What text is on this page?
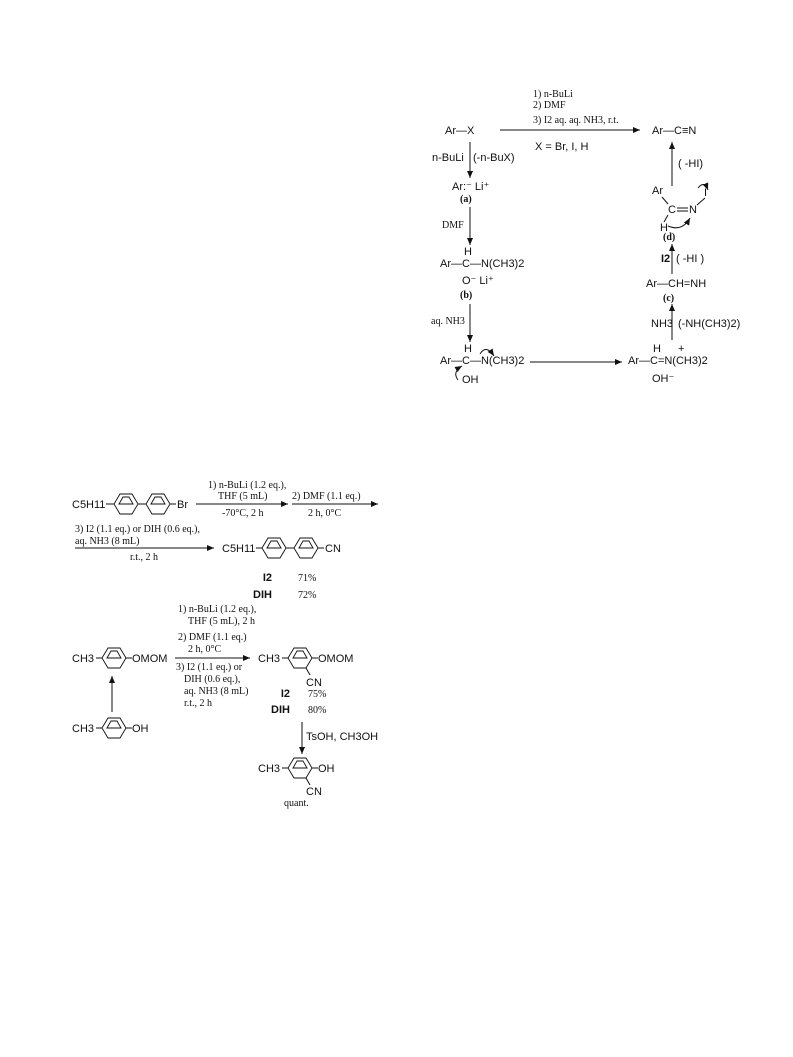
1) n-BuLi
2) DMF
3) I2 aq. aq. NH3, r.t.
Ar—X
X = Br, I, H
Ar—C≡N
n-BuLi (-n-BuX)
Ar:⁻ Li⁺
(a)
DMF
H
Ar—C—N(CH3)2
O⁻ Li⁺
(b)
aq. NH3
H
Ar—C—N(CH3)2
OH
H +
Ar—C=N(CH3)2
OH⁻
NH3 (-NH(CH3)2)
(c)
Ar—CH=NH
I2 ( -HI )
(d)
Ar
C N
I
H
( -HI)
C5H11	Br
1) n-BuLi (1.2 eq.),
THF (5 mL)
-70°C, 2 h
2) DMF (1.1 eq.)
2 h, 0°C
3) I2 (1.1 eq.) or DIH (0.6 eq.),
aq. NH3 (8 mL)
r.t., 2 h
C5H11	CN
I2	71%
DIH	72%
CH3	OMOM
CH3	OH
1) n-BuLi (1.2 eq.),
THF (5 mL), 2 h
2) DMF (1.1 eq.)
2 h, 0°C
3) I2 (1.1 eq.) or
DIH (0.6 eq.),
aq. NH3 (8 mL)
r.t., 2 h
CH3	OMOM
CN
I2 75%
DIH 80%
TsOH, CH3OH
CH3	OH
CN
quant.
